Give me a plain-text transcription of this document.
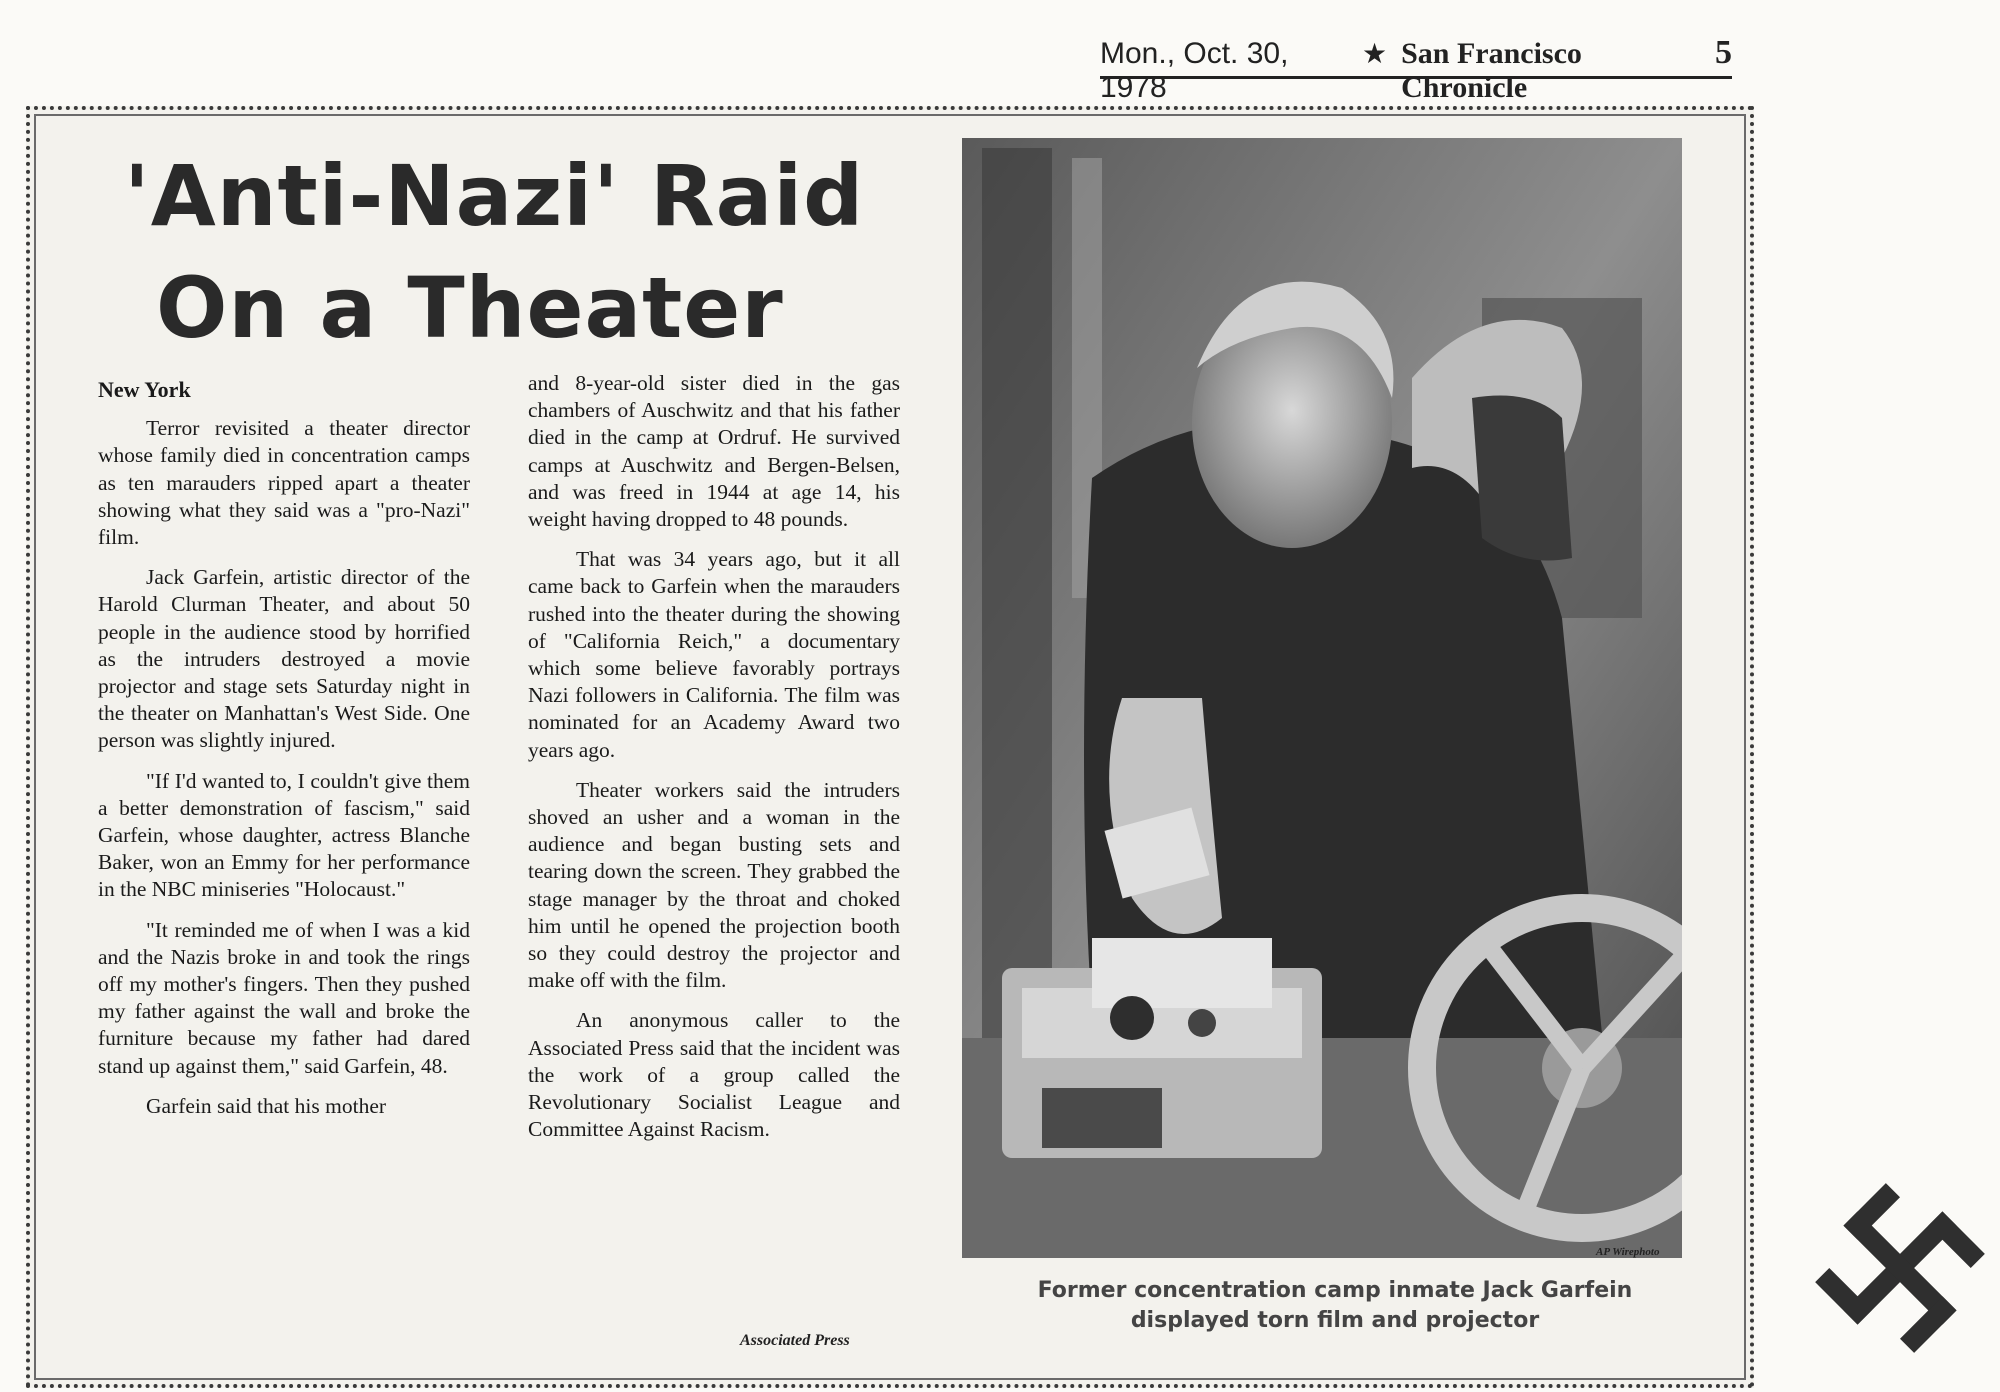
Mon., Oct. 30, 1978
★ San Francisco Chronicle
5
'Anti-Nazi' Raid
On a Theater
New York

Terror revisited a theater director whose family died in concentration camps as ten marauders ripped apart a theater showing what they said was a "pro-Nazi" film.

Jack Garfein, artistic director of the Harold Clurman Theater, and about 50 people in the audience stood by horrified as the intruders destroyed a movie projector and stage sets Saturday night in the theater on Manhattan's West Side. One person was slightly injured.

"If I'd wanted to, I couldn't give them a better demonstration of fascism," said Garfein, whose daughter, actress Blanche Baker, won an Emmy for her performance in the NBC miniseries "Holocaust."

"It reminded me of when I was a kid and the Nazis broke in and took the rings off my mother's fingers. Then they pushed my father against the wall and broke the furniture because my father had dared stand up against them," said Garfein, 48.

Garfein said that his mother

and 8-year-old sister died in the gas chambers of Auschwitz and that his father died in the camp at Ordruf. He survived camps at Auschwitz and Bergen-Belsen, and was freed in 1944 at age 14, his weight having dropped to 48 pounds.

That was 34 years ago, but it all came back to Garfein when the marauders rushed into the theater during the showing of "California Reich," a documentary which some believe favorably portrays Nazi followers in California. The film was nominated for an Academy Award two years ago.

Theater workers said the intruders shoved an usher and a woman in the audience and began busting sets and tearing down the screen. They grabbed the stage manager by the throat and choked him until he opened the projection booth so they could destroy the projector and make off with the film.

An anonymous caller to the Associated Press said that the incident was the work of a group called the Revolutionary Socialist League and Committee Against Racism.

Associated Press
AP Wirephoto
Former concentration camp inmate Jack Garfein
displayed torn film and projector
